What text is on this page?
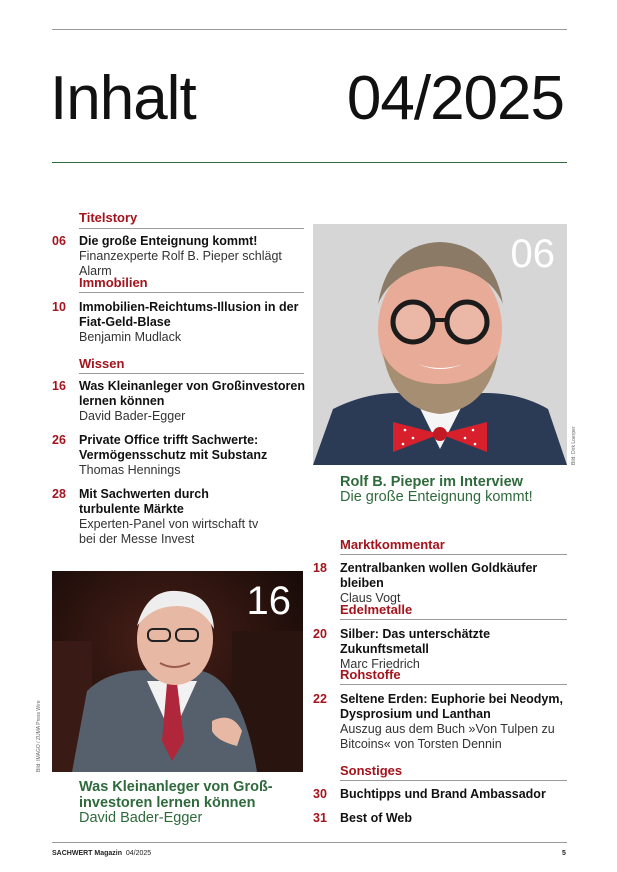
Inhalt 04/2025
Titelstory
06 Die große Enteignung kommt!
Finanzexperte Rolf B. Pieper schlägt Alarm
Immobilien
10 Immobilien-Reichtums-Illusion in der
Fiat-Geld-Blase
Benjamin Mudlack
Wissen
16 Was Kleinanleger von Großinvestoren
lernen können
David Bader-Egger
26 Private Office trifft Sachwerte:
Vermögensschutz mit Substanz
Thomas Hennings
28 Mit Sachwerten durch
turbulente Märkte
Experten-Panel von wirtschaft tv
bei der Messe Invest
16
Bild: IMAGO / ZUMA Press Wire
Was Kleinanleger von Groß-
investoren lernen können
David Bader-Egger
06
Bild: Dirk Loerper
Rolf B. Pieper im Interview
Die große Enteignung kommt!
Marktkommentar
18 Zentralbanken wollen Goldkäufer bleiben
Claus Vogt
Edelmetalle
20 Silber: Das unterschätzte Zukunftsmetall
Marc Friedrich
Rohstoffe
22 Seltene Erden: Euphorie bei Neodym,
Dysprosium und Lanthan
Auszug aus dem Buch »Von Tulpen zu
Bitcoins« von Torsten Dennin
Sonstiges
30 Buchtipps und Brand Ambassador
31 Best of Web
SACHWERT Magazin 04/2025	5
